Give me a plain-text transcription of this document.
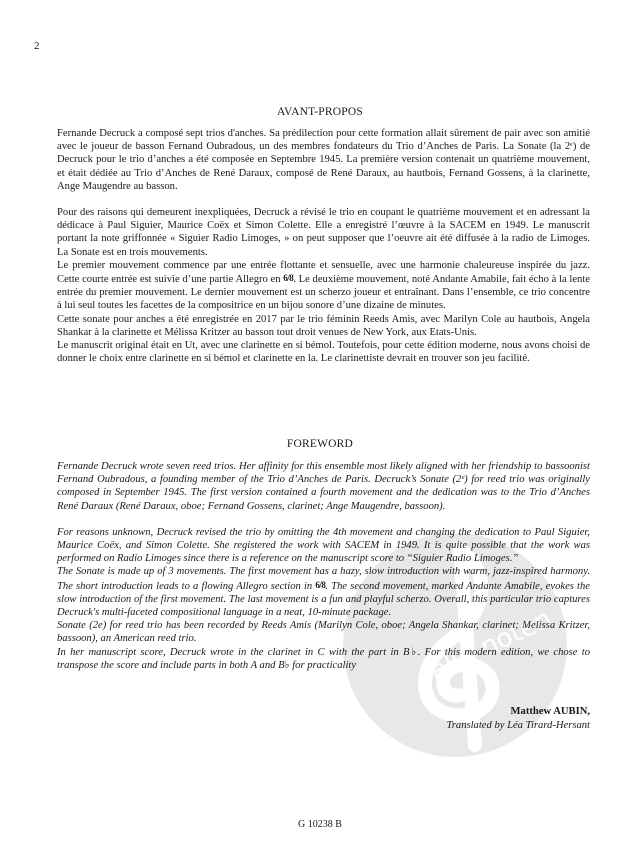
2
alle-noten
AVANT-PROPOS

Fernande Decruck a composé sept trios d'anches. Sa prédilection pour cette formation allait sûrement de pair avec son amitié avec le joueur de basson Fernand Oubradous, un des membres fondateurs du Trio d’Anches de Paris. La Sonate (la 2ᵉ) de Decruck pour le trio d’anches a été composée en Septembre 1945. La première version contenait un quatrième mouvement, et était dédiée au Trio d’Anches de René Daraux, composé de René Daraux, au hautbois, Fernand Gossens, à la clarinette, Ange Maugendre au basson.

Pour des raisons qui demeurent inexpliquées, Decruck a révisé le trio en coupant le quatrième mouvement et en adressant la dédicace à Paul Siguier, Maurice Coëx et Simon Colette. Elle a enregistré l’œuvre à la SACEM en 1949. Le manuscrit portant la note griffonnée « Siguier Radio Limoges, » on peut supposer que l’oeuvre ait été diffusée à la radio de Limoges. La Sonate est en trois mouvements.

Le premier mouvement commence par une entrée flottante et sensuelle, avec une harmonie chaleureuse inspirée du jazz. Cette courte entrée est suivie d’une partie Allegro en 6/8. Le deuxième mouvement, noté Andante Amabile, fait écho à la lente entrée du premier mouvement. Le dernier mouvement est un scherzo joueur et entraînant. Dans l’ensemble, ce trio concentre à lui seul toutes les facettes de la compositrice en un bijou sonore d’une dizaine de minutes.

Cette sonate pour anches a été enregistrée en 2017 par le trio féminin Reeds Amis, avec Marilyn Cole au hautbois, Angela Shankar à la clarinette et Mélissa Kritzer au basson tout droit venues de New York, aux Etats-Unis.

Le manuscrit original était en Ut, avec une clarinette en si bémol. Toutefois, pour cette édition moderne, nous avons choisi de donner le choix entre clarinette en si bémol et clarinette en la. Le clarinettiste devrait en trouver son jeu facilité.

FOREWORD

Fernande Decruck wrote seven reed trios. Her affinity for this ensemble most likely aligned with her friendship to bassoonist Fernand Oubradous, a founding member of the Trio d’Anches de Paris. Decruck’s Sonate (2ᵉ) for reed trio was originally composed in September 1945. The first version contained a fourth movement and the dedication was to the Trio d’Anches René Daraux (René Daraux, oboe; Fernand Gossens, clarinet; Ange Maugendre, bassoon).

For reasons unknown, Decruck revised the trio by omitting the 4th movement and changing the dedication to Paul Siguier, Maurice Coëx, and Simon Colette. She registered the work with SACEM in 1949. It is quite possible that the work was performed on Radio Limoges since there is a reference on the manuscript score to “Siguier Radio Limoges.”

The Sonate is made up of 3 movements. The first movement has a hazy, slow introduction with warm, jazz-inspired harmony. The short introduction leads to a flowing Allegro section in 6/8. The second movement, marked Andante Amabile, evokes the slow introduction of the first movement. The last movement is a fun and playful scherzo. Overall, this particular trio captures Decruck's multi-faceted compositional language in a neat, 10-minute package.

Sonate (2e) for reed trio has been recorded by Reeds Amis (Marilyn Cole, oboe; Angela Shankar, clarinet; Melissa Kritzer, bassoon), an American reed trio.

In her manuscript score, Decruck wrote in the clarinet in C with the part in B♭. For this modern edition, we chose to transpose the score and include parts in both A and B♭ for practicality

Matthew AUBIN,
Translated by Léa Tirard-Hersant
G 10238 B
